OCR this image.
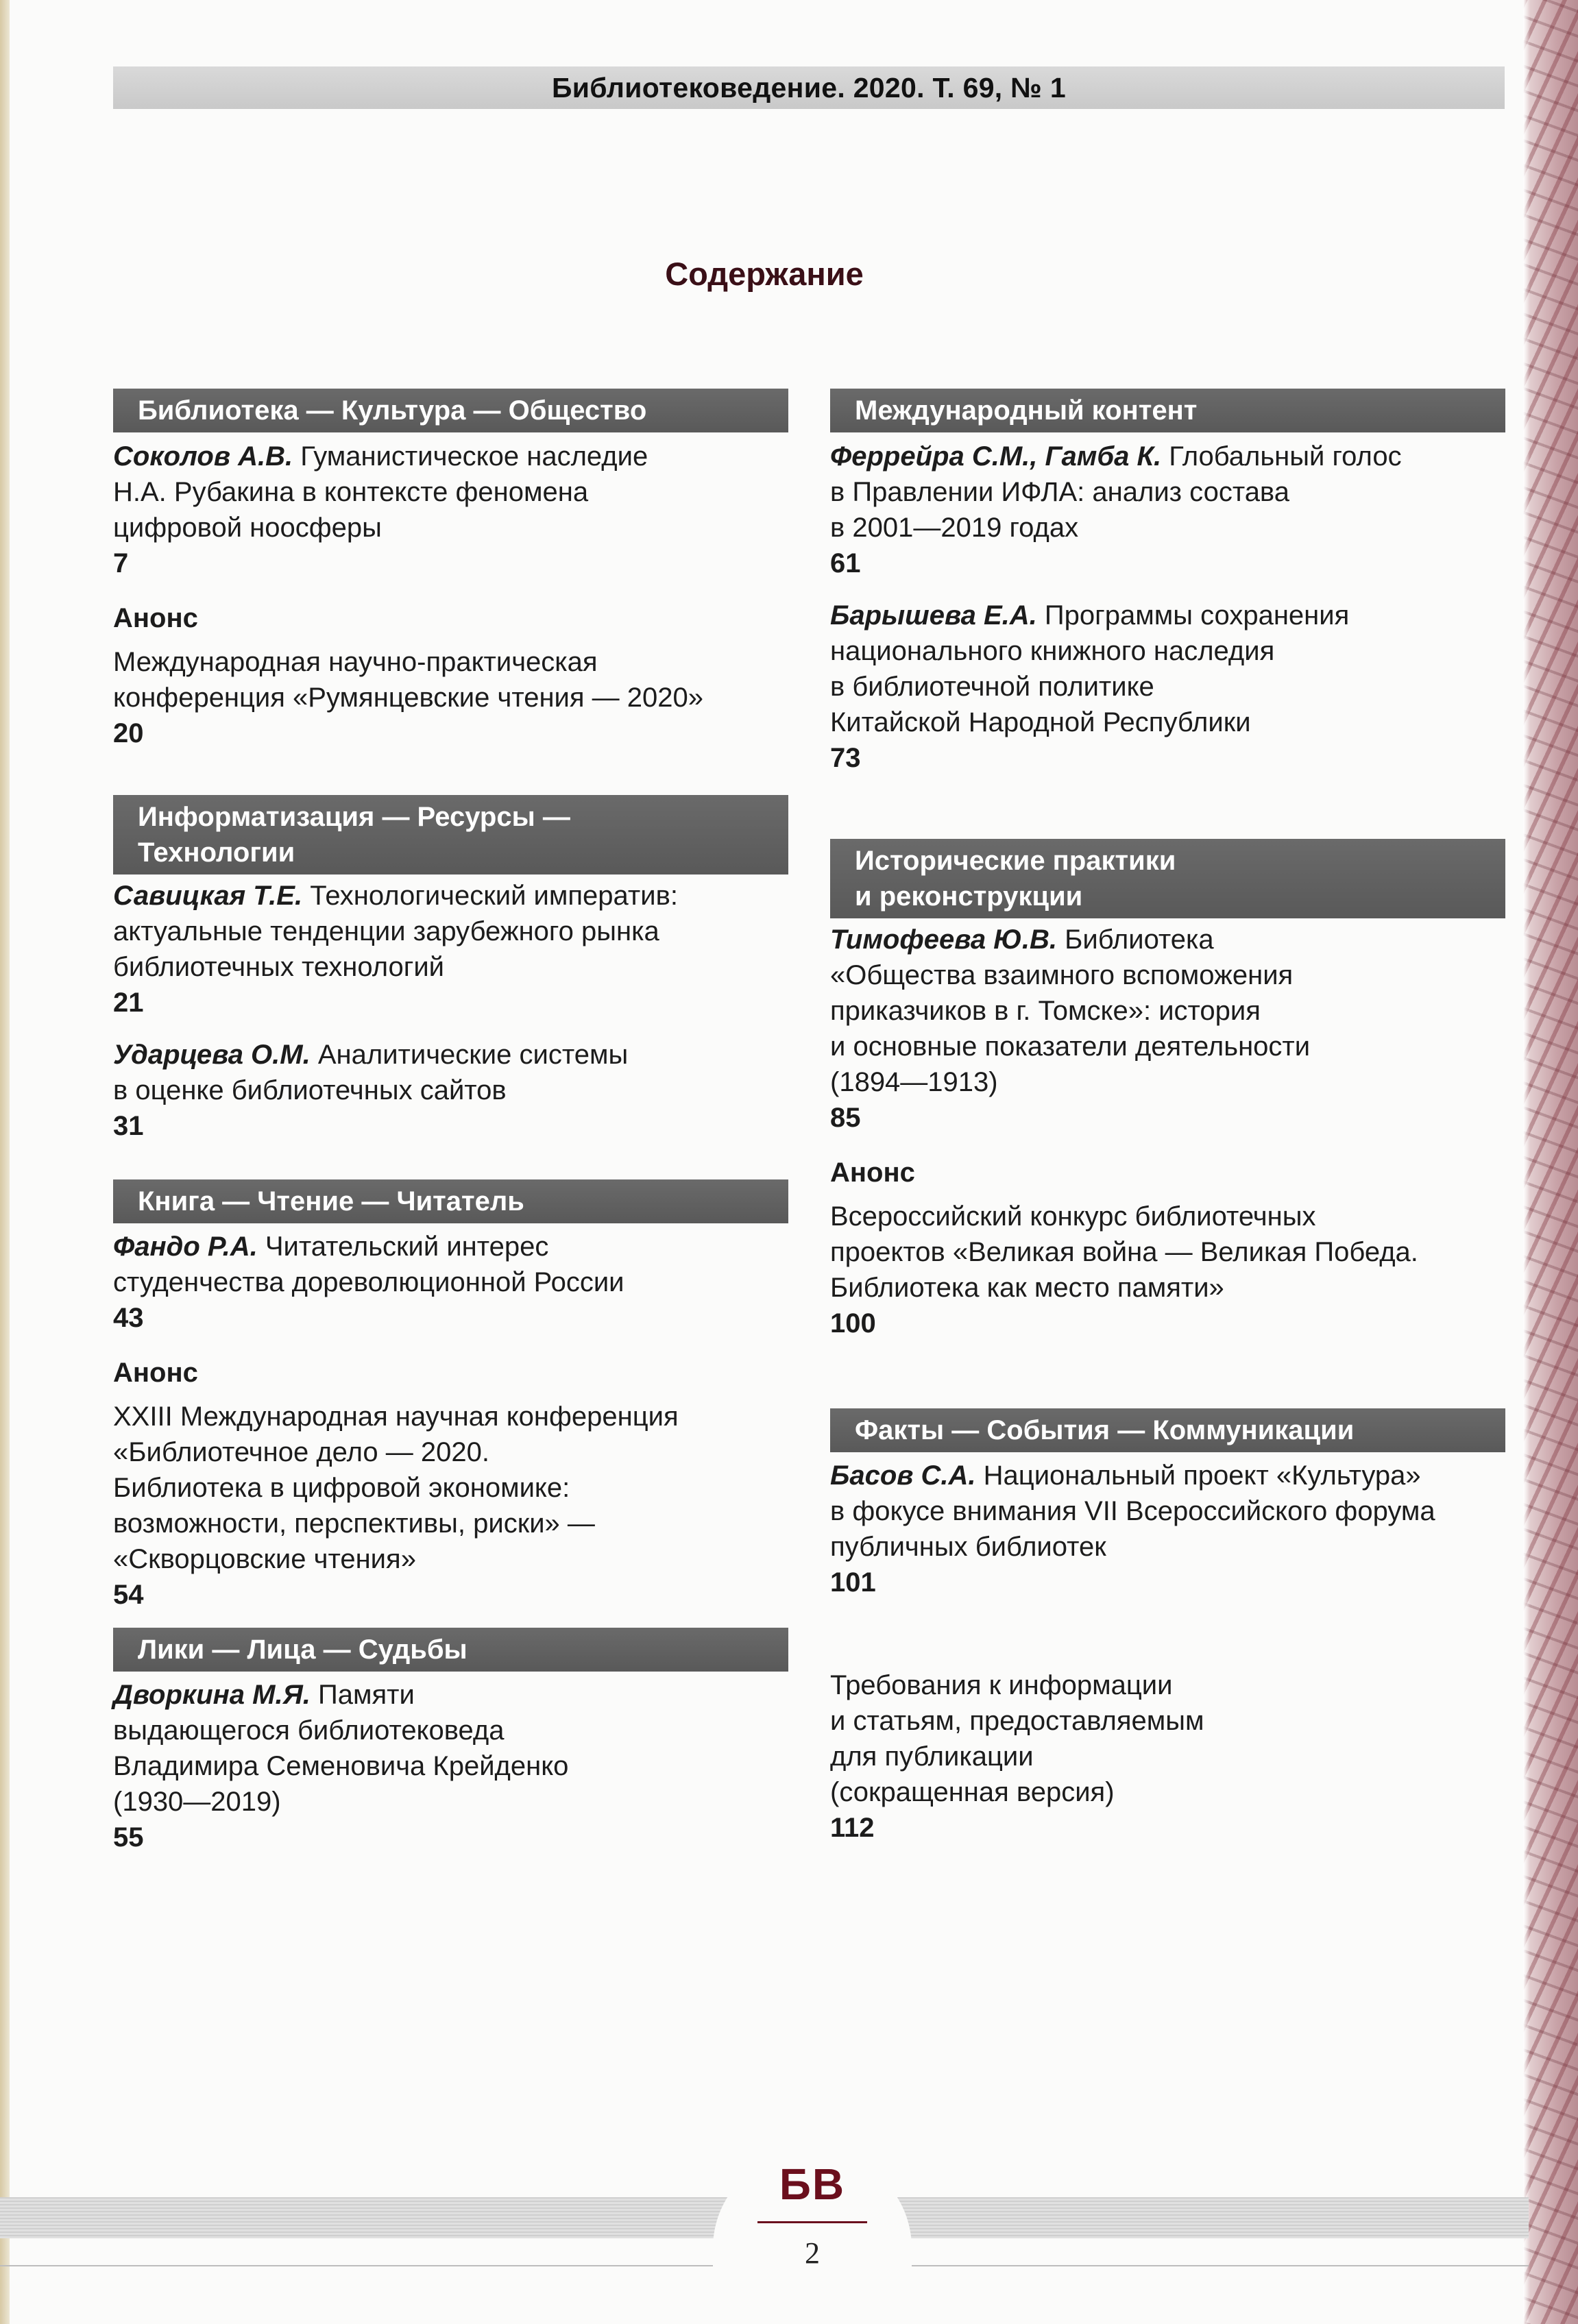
Библиотековедение. 2020. Т. 69, № 1
Содержание
Библиотека — Культура — Общество
Соколов А.В. Гуманистическое наследие
Н.А. Рубакина в контексте феномена
цифровой ноосферы
7
Анонс
Международная научно-практическая
конференция «Румянцевские чтения — 2020»
20
Информатизация — Ресурсы —
Технологии
Савицкая Т.Е. Технологический императив:
актуальные тенденции зарубежного рынка
библиотечных технологий
21
Ударцева О.М. Аналитические системы
в оценке библиотечных сайтов
31
Книга — Чтение — Читатель
Фандо Р.А. Читательский интерес
студенчества дореволюционной России
43
Анонс
XXIII Международная научная конференция
«Библиотечное дело — 2020.
Библиотека в цифровой экономике:
возможности, перспективы, риски» —
«Скворцовские чтения»
54
Лики — Лица — Судьбы
Дворкина М.Я. Памяти
выдающегося библиотековеда
Владимира Семеновича Крейденко
(1930—2019)
55
Международный контент
Феррейра С.М., Гамба К. Глобальный голос
в Правлении ИФЛА: анализ состава
в 2001—2019 годах
61
Барышева Е.А. Программы сохранения
национального книжного наследия
в библиотечной политике
Китайской Народной Республики
73
Исторические практики
и реконструкции
Тимофеева Ю.В. Библиотека
«Общества взаимного вспоможения
приказчиков в г. Томске»: история
и основные показатели деятельности
(1894—1913)
85
Анонс
Всероссийский конкурс библиотечных
проектов «Великая война — Великая Победа.
Библиотека как место памяти»
100
Факты — События — Коммуникации
Басов С.А. Национальный проект «Культура»
в фокусе внимания VII Всероссийского форума
публичных библиотек
101
Требования к информации
и статьям, предоставляемым
для публикации
(сокращенная версия)
112
БВ
2
